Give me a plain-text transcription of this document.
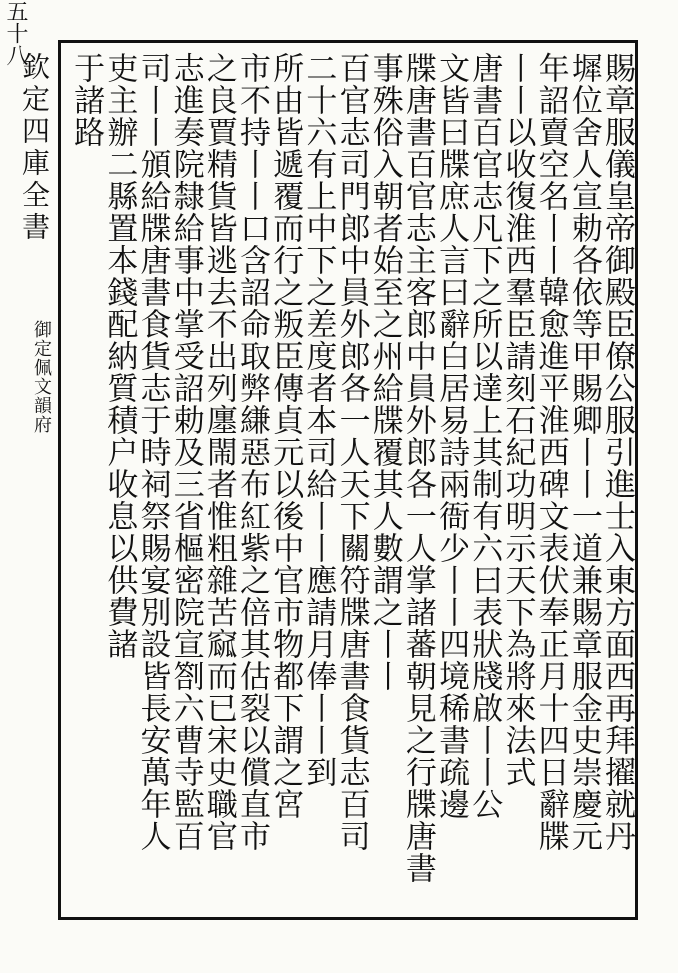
欽定四庫全書
御定佩文韻府
五十八
賜章服儀皇帝御殿臣僚公服引進士入東方面西再拜擢就丹
墀位舍人宣勅各依等甲賜卿丨丨一道兼賜章服金史崇慶元
年詔賣空名丨丨韓愈進平淮西碑文表伏奉正月十四日辭牒
丨丨以收復淮西羣臣請刻石紀功明示天下為將來法式
唐書百官志凡下之所以達上其制有六曰表狀牋啟丨丨公
文皆曰牒庶人言曰辭白居易詩兩衙少丨丨四境稀書疏邊
牒唐書百官志主客郎中員外郎各一人掌諸蕃朝見之行牒唐書
事殊俗入朝者始至之州給牒覆其人數謂之丨丨
百官志司門郎中員外郎各一人天下關符牒唐書食貨志百司
二十六有上中下之差度者本司給丨丨應請月俸丨丨到
所由皆遞覆而行之叛臣傳貞元以後中官市物都下謂之宮
市不持丨丨口含詔命取弊縑惡布紅紫之倍其估裂以償直市
之良賈精貨皆逃去不出列廛閙者惟粗雜苦窳而已宋史職官
志進奏院隸給事中掌受詔勅及三省樞密院宣劄六曹寺監百
司丨丨頒給牒唐書食貨志于時祠祭賜宴別設皆長安萬年人
吏主辦二縣置本錢配納質積户收息以供費諸
于諸路
